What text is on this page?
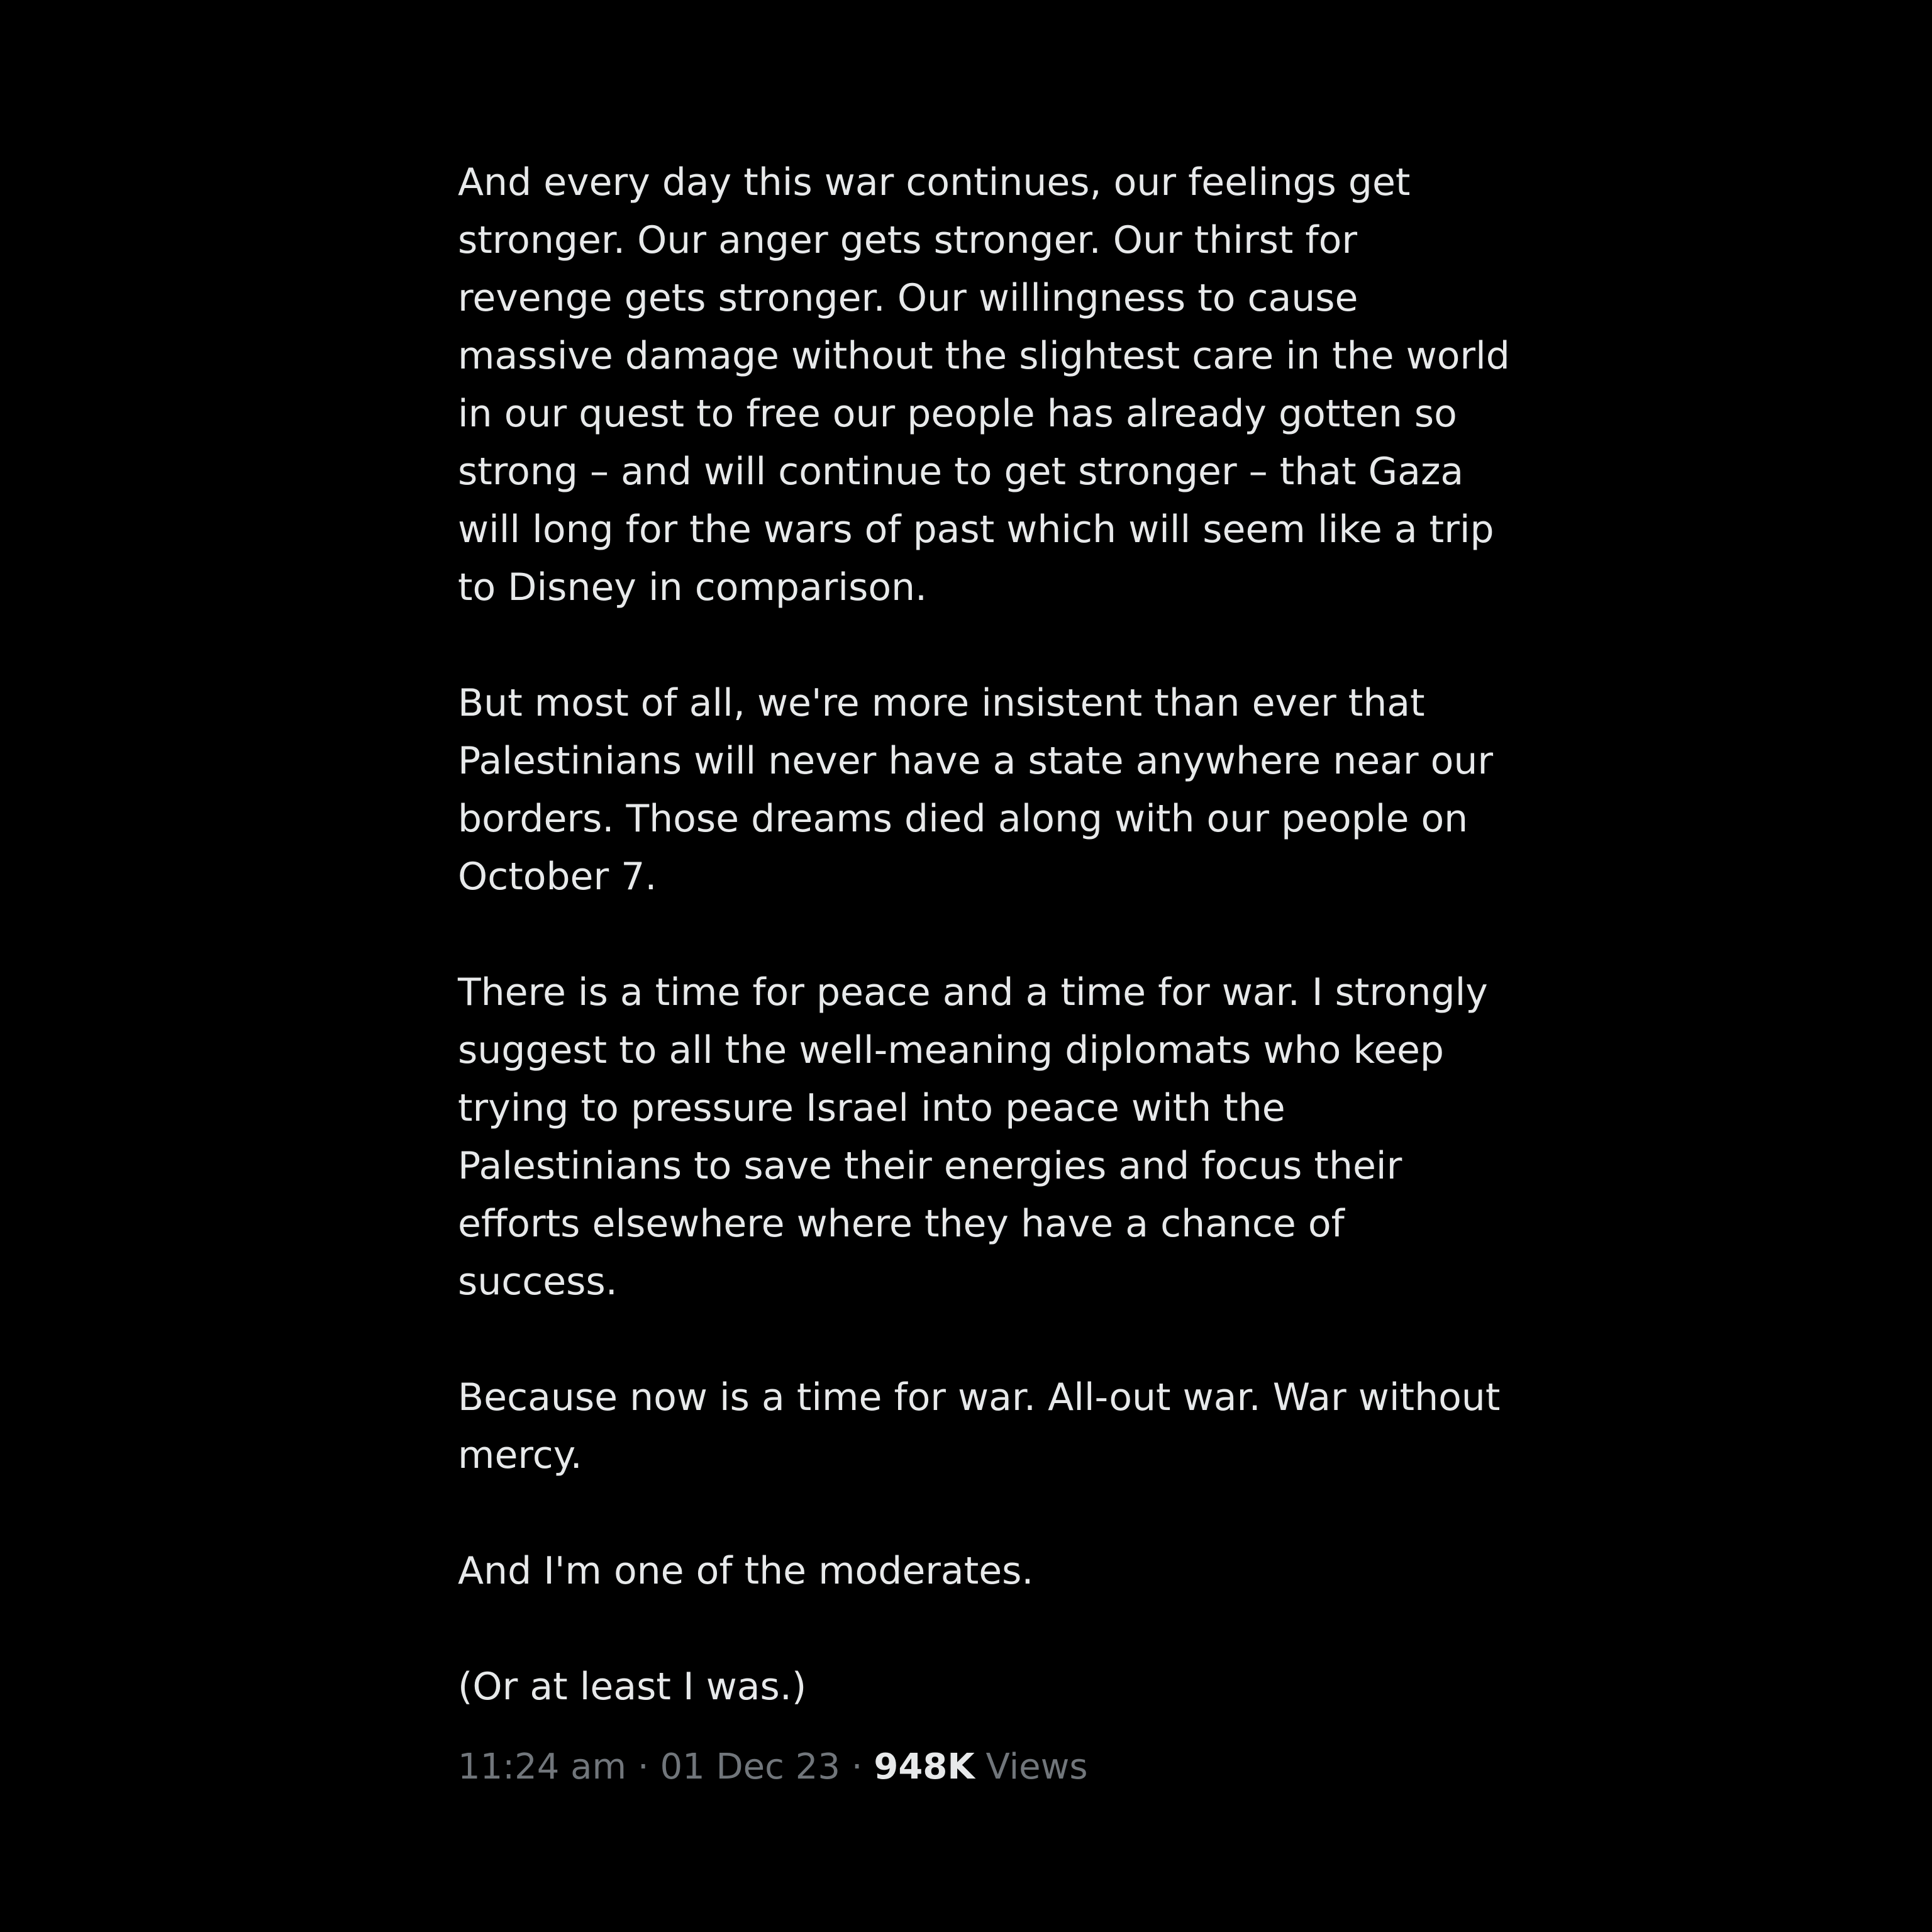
And every day this war continues, our feelings get stronger. Our anger gets stronger. Our thirst for revenge gets stronger. Our willingness to cause massive damage without the slightest care in the world in our quest to free our people has already gotten so strong – and will continue to get stronger – that Gaza will long for the wars of past which will seem like a trip to Disney in comparison.

But most of all, we're more insistent than ever that Palestinians will never have a state anywhere near our borders. Those dreams died along with our people on October 7.

There is a time for peace and a time for war. I strongly suggest to all the well-meaning diplomats who keep trying to pressure Israel into peace with the Palestinians to save their energies and focus their efforts elsewhere where they have a chance of success.

Because now is a time for war. All-out war. War without mercy.

And I'm one of the moderates.

(Or at least I was.)

11:24 am · 01 Dec 23 · 948K Views
